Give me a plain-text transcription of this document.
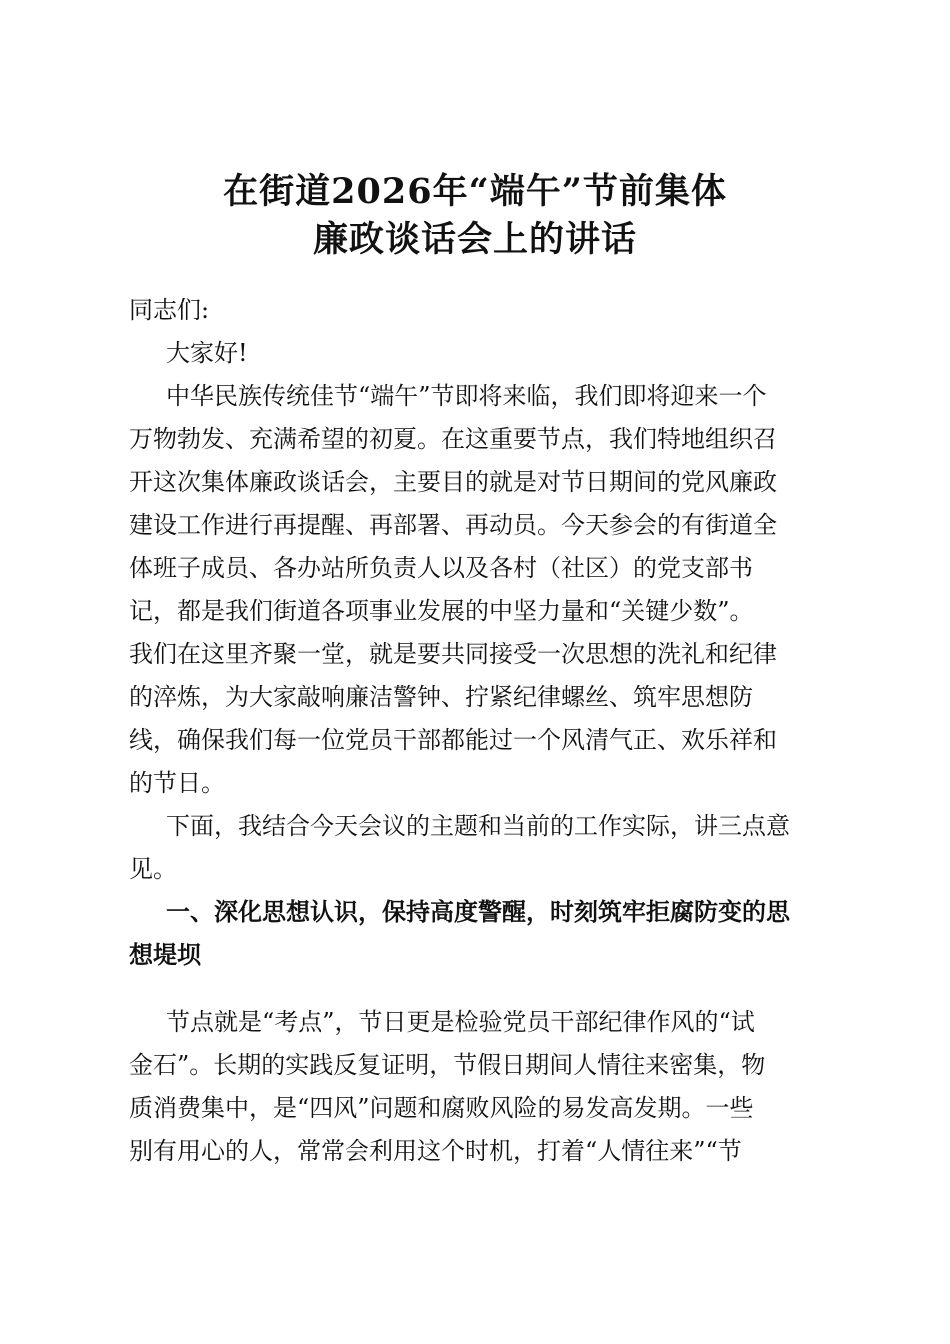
在街道2026年“端午”节前集体
廉政谈话会上的讲话
同志们:
大家好!
中华民族传统佳节“端午”节即将来临，我们即将迎来一个
万物勃发、充满希望的初夏。在这重要节点，我们特地组织召
开这次集体廉政谈话会，主要目的就是对节日期间的党风廉政
建设工作进行再提醒、再部署、再动员。今天参会的有街道全
体班子成员、各办站所负责人以及各村（社区）的党支部书
记，都是我们街道各项事业发展的中坚力量和“关键少数”。
我们在这里齐聚一堂，就是要共同接受一次思想的洗礼和纪律
的淬炼，为大家敲响廉洁警钟、拧紧纪律螺丝、筑牢思想防
线，确保我们每一位党员干部都能过一个风清气正、欢乐祥和
的节日。
下面，我结合今天会议的主题和当前的工作实际，讲三点意
见。
一、深化思想认识，保持高度警醒，时刻筑牢拒腐防变的思
想堤坝
节点就是“考点”，节日更是检验党员干部纪律作风的“试
金石”。长期的实践反复证明，节假日期间人情往来密集，物
质消费集中，是“四风”问题和腐败风险的易发高发期。一些
别有用心的人，常常会利用这个时机，打着“人情往来”“节
